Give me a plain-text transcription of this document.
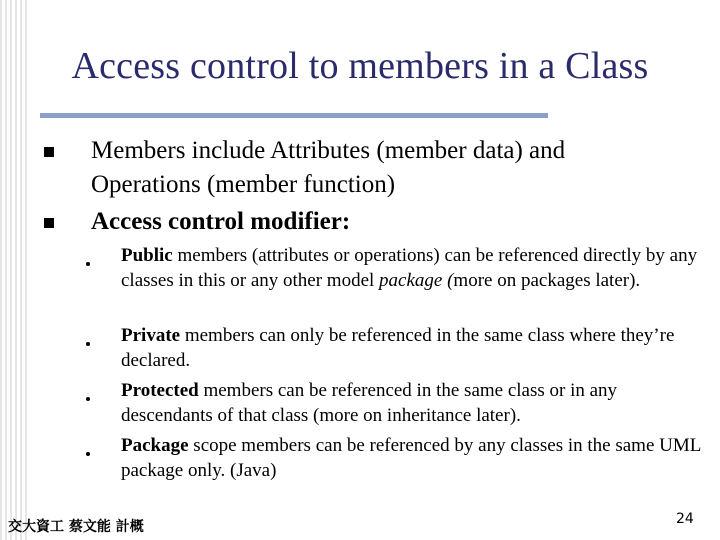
Access control to members in a Class
Members include Attributes (member data) and
Operations (member function)
Access control modifier:
Public members (attributes or operations) can be referenced directly by any classes in this or any other model package (more on packages later).
Private members can only be referenced in the same class where they’re declared.
Protected members can be referenced in the same class or in any descendants of that class (more on inheritance later).
Package scope members can be referenced by any classes in the same UML package only. (Java)
交大資工 蔡文能 計概	24
